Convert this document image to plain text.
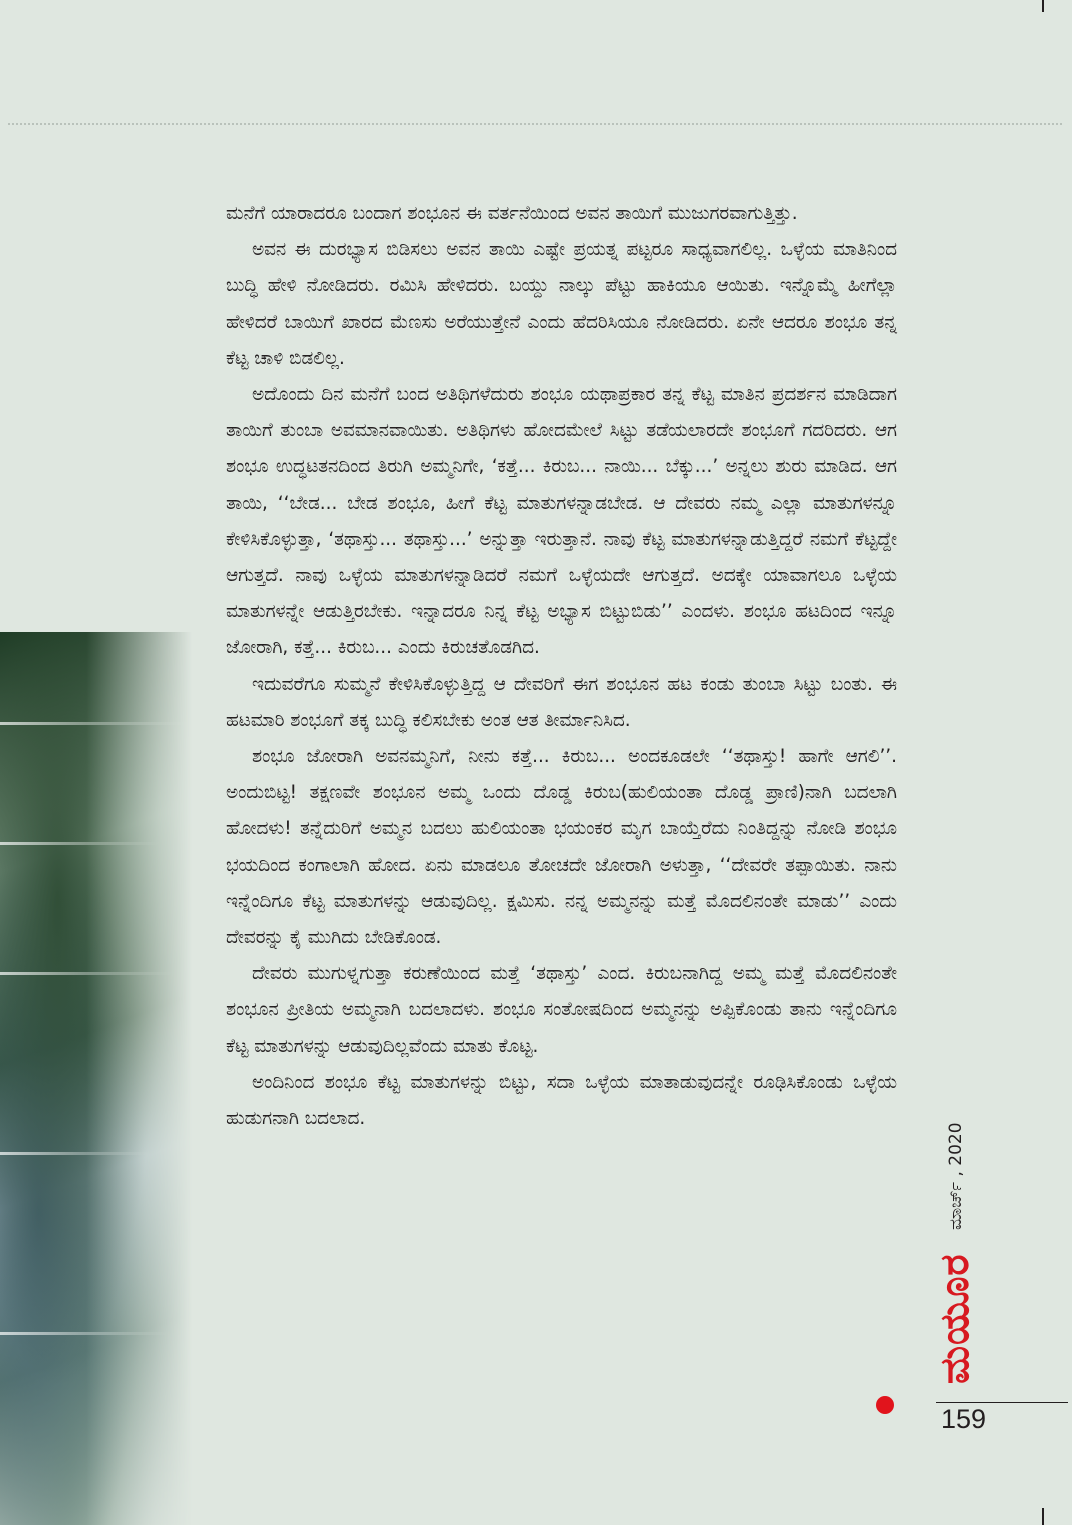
ಮನೆಗೆ ಯಾರಾದರೂ ಬಂದಾಗ ಶಂಭೂನ ಈ ವರ್ತನೆಯಿಂದ ಅವನ ತಾಯಿಗೆ ಮುಜುಗರವಾಗುತ್ತಿತ್ತು.

ಅವನ ಈ ದುರಭ್ಯಾಸ ಬಿಡಿಸಲು ಅವನ ತಾಯಿ ಎಷ್ಟೇ ಪ್ರಯತ್ನ ಪಟ್ಟರೂ ಸಾಧ್ಯವಾಗಲಿಲ್ಲ. ಒಳ್ಳೆಯ ಮಾತಿನಿಂದ ಬುದ್ಧಿ ಹೇಳಿ ನೋಡಿದರು. ರಮಿಸಿ ಹೇಳಿದರು. ಬಯ್ದು ನಾಲ್ಕು ಪೆಟ್ಟು ಹಾಕಿಯೂ ಆಯಿತು. ಇನ್ನೊಮ್ಮೆ ಹೀಗೆಲ್ಲಾ ಹೇಳಿದರೆ ಬಾಯಿಗೆ ಖಾರದ ಮೆಣಸು ಅರೆಯುತ್ತೇನೆ ಎಂದು ಹೆದರಿಸಿಯೂ ನೋಡಿದರು. ಏನೇ ಆದರೂ ಶಂಭೂ ತನ್ನ ಕೆಟ್ಟ ಚಾಳಿ ಬಿಡಲಿಲ್ಲ.

ಅದೊಂದು ದಿನ ಮನೆಗೆ ಬಂದ ಅತಿಥಿಗಳೆದುರು ಶಂಭೂ ಯಥಾಪ್ರಕಾರ ತನ್ನ ಕೆಟ್ಟ ಮಾತಿನ ಪ್ರದರ್ಶನ ಮಾಡಿದಾಗ ತಾಯಿಗೆ ತುಂಬಾ ಅವಮಾನವಾಯಿತು. ಅತಿಥಿಗಳು ಹೋದಮೇಲೆ ಸಿಟ್ಟು ತಡೆಯಲಾರದೇ ಶಂಭೂಗೆ ಗದರಿದರು. ಆಗ ಶಂಭೂ ಉದ್ಧಟತನದಿಂದ ತಿರುಗಿ ಅಮ್ಮನಿಗೇ, ‘ಕತ್ತೆ... ಕಿರುಬ... ನಾಯಿ... ಬೆಕ್ಕು...’ ಅನ್ನಲು ಶುರು ಮಾಡಿದ. ಆಗ ತಾಯಿ, ‘‘ಬೇಡ... ಬೇಡ ಶಂಭೂ, ಹೀಗೆ ಕೆಟ್ಟ ಮಾತುಗಳನ್ನಾಡಬೇಡ. ಆ ದೇವರು ನಮ್ಮ ಎಲ್ಲಾ ಮಾತುಗಳನ್ನೂ ಕೇಳಿಸಿಕೊಳ್ಳುತ್ತಾ, ‘ತಥಾಸ್ತು... ತಥಾಸ್ತು...’ ಅನ್ನುತ್ತಾ ಇರುತ್ತಾನೆ. ನಾವು ಕೆಟ್ಟ ಮಾತುಗಳನ್ನಾಡುತ್ತಿದ್ದರೆ ನಮಗೆ ಕೆಟ್ಟದ್ದೇ ಆಗುತ್ತದೆ. ನಾವು ಒಳ್ಳೆಯ ಮಾತುಗಳನ್ನಾಡಿದರೆ ನಮಗೆ ಒಳ್ಳೆಯದೇ ಆಗುತ್ತದೆ. ಅದಕ್ಕೇ ಯಾವಾಗಲೂ ಒಳ್ಳೆಯ ಮಾತುಗಳನ್ನೇ ಆಡುತ್ತಿರಬೇಕು. ಇನ್ನಾದರೂ ನಿನ್ನ ಕೆಟ್ಟ ಅಭ್ಯಾಸ ಬಿಟ್ಟುಬಿಡು’’ ಎಂದಳು. ಶಂಭೂ ಹಟದಿಂದ ಇನ್ನೂ ಜೋರಾಗಿ, ಕತ್ತೆ... ಕಿರುಬ... ಎಂದು ಕಿರುಚತೊಡಗಿದ.

ಇದುವರೆಗೂ ಸುಮ್ಮನೆ ಕೇಳಿಸಿಕೊಳ್ಳುತ್ತಿದ್ದ ಆ ದೇವರಿಗೆ ಈಗ ಶಂಭೂನ ಹಟ ಕಂಡು ತುಂಬಾ ಸಿಟ್ಟು ಬಂತು. ಈ ಹಟಮಾರಿ ಶಂಭೂಗೆ ತಕ್ಕ ಬುದ್ಧಿ ಕಲಿಸಬೇಕು ಅಂತ ಆತ ತೀರ್ಮಾನಿಸಿದ.

ಶಂಭೂ ಜೋರಾಗಿ ಅವನಮ್ಮನಿಗೆ, ನೀನು ಕತ್ತೆ... ಕಿರುಬ... ಅಂದಕೂಡಲೇ ‘‘ತಥಾಸ್ತು! ಹಾಗೇ ಆಗಲಿ’’. ಅಂದುಬಿಟ್ಟ! ತಕ್ಷಣವೇ ಶಂಭೂನ ಅಮ್ಮ ಒಂದು ದೊಡ್ಡ ಕಿರುಬ(ಹುಲಿಯಂತಾ ದೊಡ್ಡ ಪ್ರಾಣಿ)ನಾಗಿ ಬದಲಾಗಿ ಹೋದಳು! ತನ್ನೆದುರಿಗೆ ಅಮ್ಮನ ಬದಲು ಹುಲಿಯಂತಾ ಭಯಂಕರ ಮೃಗ ಬಾಯ್ತೆರೆದು ನಿಂತಿದ್ದನ್ನು ನೋಡಿ ಶಂಭೂ ಭಯದಿಂದ ಕಂಗಾಲಾಗಿ ಹೋದ. ಏನು ಮಾಡಲೂ ತೋಚದೇ ಜೋರಾಗಿ ಅಳುತ್ತಾ, ‘‘ದೇವರೇ ತಪ್ಪಾಯಿತು. ನಾನು ಇನ್ನೆಂದಿಗೂ ಕೆಟ್ಟ ಮಾತುಗಳನ್ನು ಆಡುವುದಿಲ್ಲ. ಕ್ಷಮಿಸು. ನನ್ನ ಅಮ್ಮನನ್ನು ಮತ್ತೆ ಮೊದಲಿನಂತೇ ಮಾಡು’’ ಎಂದು ದೇವರನ್ನು ಕೈ ಮುಗಿದು ಬೇಡಿಕೊಂಡ.

ದೇವರು ಮುಗುಳ್ನಗುತ್ತಾ ಕರುಣೆಯಿಂದ ಮತ್ತೆ ‘ತಥಾಸ್ತು’ ಎಂದ. ಕಿರುಬನಾಗಿದ್ದ ಅಮ್ಮ ಮತ್ತೆ ಮೊದಲಿನಂತೇ ಶಂಭೂನ ಪ್ರೀತಿಯ ಅಮ್ಮನಾಗಿ ಬದಲಾದಳು. ಶಂಭೂ ಸಂತೋಷದಿಂದ ಅಮ್ಮನನ್ನು ಅಪ್ಪಿಕೊಂಡು ತಾನು ಇನ್ನೆಂದಿಗೂ ಕೆಟ್ಟ ಮಾತುಗಳನ್ನು ಆಡುವುದಿಲ್ಲವೆಂದು ಮಾತು ಕೊಟ್ಟ.

ಅಂದಿನಿಂದ ಶಂಭೂ ಕೆಟ್ಟ ಮಾತುಗಳನ್ನು ಬಿಟ್ಟು, ಸದಾ ಒಳ್ಳೆಯ ಮಾತಾಡುವುದನ್ನೇ ರೂಢಿಸಿಕೊಂಡು ಒಳ್ಳೆಯ ಹುಡುಗನಾಗಿ ಬದಲಾದ.

ಮಾರ್ಚ್ , 2020
ಮಯೂರ
159
